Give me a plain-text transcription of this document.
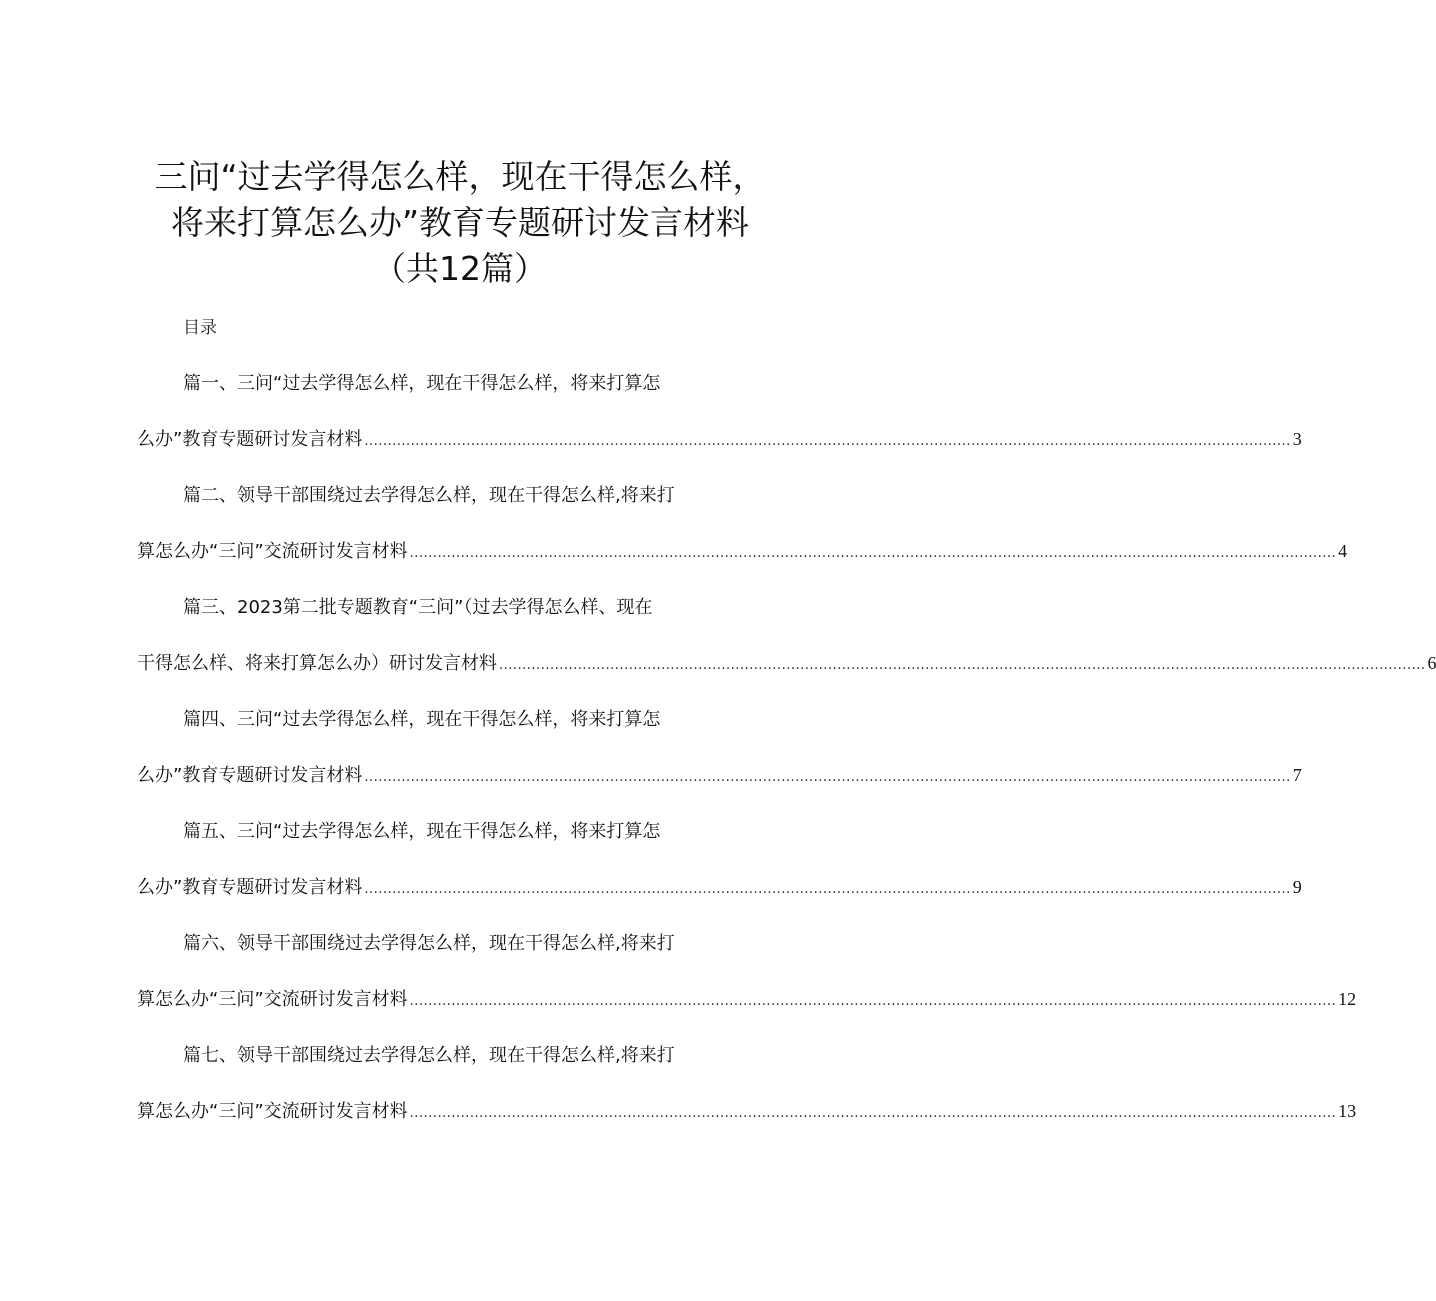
三问“过去学得怎么样，现在干得怎么样，
将来打算怎么办”教育专题研讨发言材料
（共12篇）
目录
篇一、三问“过去学得怎么样，现在干得怎么样，将来打算怎
么办”教育专题研讨发言材料 ........................................................................................................................................................................................................ 3
篇二、领导干部围绕过去学得怎么样，现在干得怎么样,将来打
算怎么办“三问”交流研讨发言材料 ........................................................................................................................................................................................................ 4
篇三、2023第二批专题教育“三问”（过去学得怎么样、现在
干得怎么样、将来打算怎么办）研讨发言材料 ........................................................................................................................................................................................................ 6
篇四、三问“过去学得怎么样，现在干得怎么样，将来打算怎
么办”教育专题研讨发言材料 ........................................................................................................................................................................................................ 7
篇五、三问“过去学得怎么样，现在干得怎么样，将来打算怎
么办”教育专题研讨发言材料 ........................................................................................................................................................................................................ 9
篇六、领导干部围绕过去学得怎么样，现在干得怎么样,将来打
算怎么办“三问”交流研讨发言材料 ........................................................................................................................................................................................................ 12
篇七、领导干部围绕过去学得怎么样，现在干得怎么样,将来打
算怎么办“三问”交流研讨发言材料 ........................................................................................................................................................................................................ 13
